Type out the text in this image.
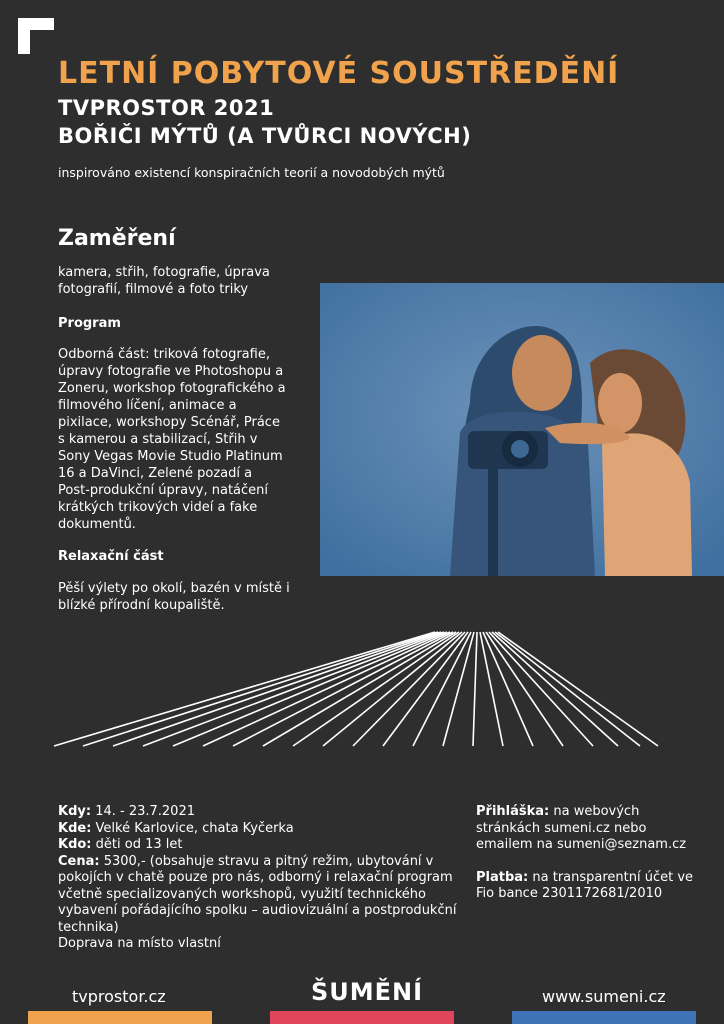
LETNÍ POBYTOVÉ SOUSTŘEDĚNÍ
TVPROSTOR 2021
BOŘIČI MÝTŮ (A TVŮRCI NOVÝCH)
inspirováno existencí konspiračních teorií a novodobých mýtů
Zaměření
kamera, střih, fotografie, úprava fotografií, filmové a foto triky
Program
Odborná část: triková fotografie, úpravy fotografie ve Photoshopu a Zoneru, workshop fotografického a filmového líčení, animace a pixilace, workshopy Scénář, Práce s kamerou a stabilizací, Střih v Sony Vegas Movie Studio Platinum 16 a DaVinci, Zelené pozadí a Post-produkční úpravy, natáčení krátkých trikových videí a fake dokumentů.
Relaxační část
Pěší výlety po okolí, bazén v místě i blízké přírodní koupaliště.
Kdy: 14. - 23.7.2021
Kde: Velké Karlovice, chata Kyčerka
Kdo: děti od 13 let
Cena: 5300,- (obsahuje stravu a pitný režim, ubytování v pokojích v chatě pouze pro nás, odborný i relaxační program včetně specializovaných workshopů, využití technického vybavení pořádajícího spolku – audiovizuální a postprodukční technika)
Doprava na místo vlastní
Přihláška: na webových stránkách sumeni.cz nebo emailem na sumeni@seznam.cz
Platba: na transparentní účet ve Fio bance 2301172681/2010
tvprostor.cz	ŠUMĚNÍ	www.sumeni.cz
